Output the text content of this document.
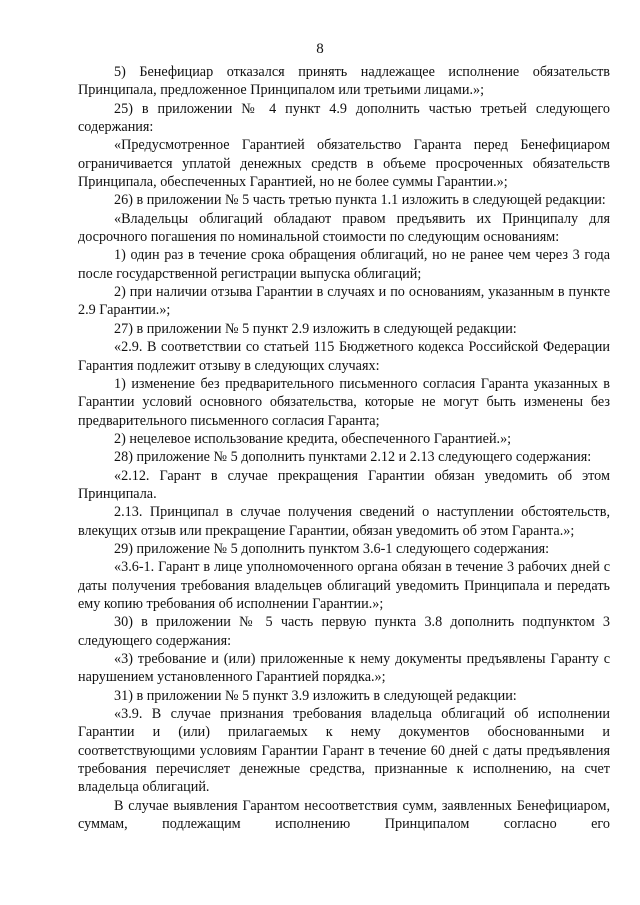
8

5) Бенефициар отказался принять надлежащее исполнение обязательств Принципала, предложенное Принципалом или третьими лицами.»;

25) в приложении № 4 пункт 4.9 дополнить частью третьей следующего содержания:

«Предусмотренное Гарантией обязательство Гаранта перед Бенефициаром ограничивается уплатой денежных средств в объеме просроченных обязательств Принципала, обеспеченных Гарантией, но не более суммы Гарантии.»;

26) в приложении № 5 часть третью пункта 1.1 изложить в следующей редакции:

«Владельцы облигаций обладают правом предъявить их Принципалу для досрочного погашения по номинальной стоимости по следующим основаниям:

1) один раз в течение срока обращения облигаций, но не ранее чем через 3 года после государственной регистрации выпуска облигаций;

2) при наличии отзыва Гарантии в случаях и по основаниям, указанным в пункте 2.9 Гарантии.»;

27) в приложении № 5 пункт 2.9 изложить в следующей редакции:

«2.9. В соответствии со статьей 115 Бюджетного кодекса Российской Федерации Гарантия подлежит отзыву в следующих случаях:

1) изменение без предварительного письменного согласия Гаранта указанных в Гарантии условий основного обязательства, которые не могут быть изменены без предварительного письменного согласия Гаранта;

2) нецелевое использование кредита, обеспеченного Гарантией.»;

28) приложение № 5 дополнить пунктами 2.12 и 2.13 следующего содержания:

«2.12. Гарант в случае прекращения Гарантии обязан уведомить об этом Принципала.

2.13. Принципал в случае получения сведений о наступлении обстоятельств, влекущих отзыв или прекращение Гарантии, обязан уведомить об этом Гаранта.»;

29) приложение № 5 дополнить пунктом 3.6-1 следующего содержания:

«3.6-1. Гарант в лице уполномоченного органа обязан в течение 3 рабочих дней с даты получения требования владельцев облигаций уведомить Принципала и передать ему копию требования об исполнении Гарантии.»;

30) в приложении № 5 часть первую пункта 3.8 дополнить подпунктом 3 следующего содержания:

«3) требование и (или) приложенные к нему документы предъявлены Гаранту с нарушением установленного Гарантией порядка.»;

31) в приложении № 5 пункт 3.9 изложить в следующей редакции:

«3.9. В случае признания требования владельца облигаций об исполнении Гарантии и (или) прилагаемых к нему документов обоснованными и соответствующими условиям Гарантии Гарант в течение 60 дней с даты предъявления требования перечисляет денежные средства, признанные к исполнению, на счет владельца облигаций.

В случае выявления Гарантом несоответствия сумм, заявленных Бенефициаром, суммам, подлежащим исполнению Принципалом согласно его
